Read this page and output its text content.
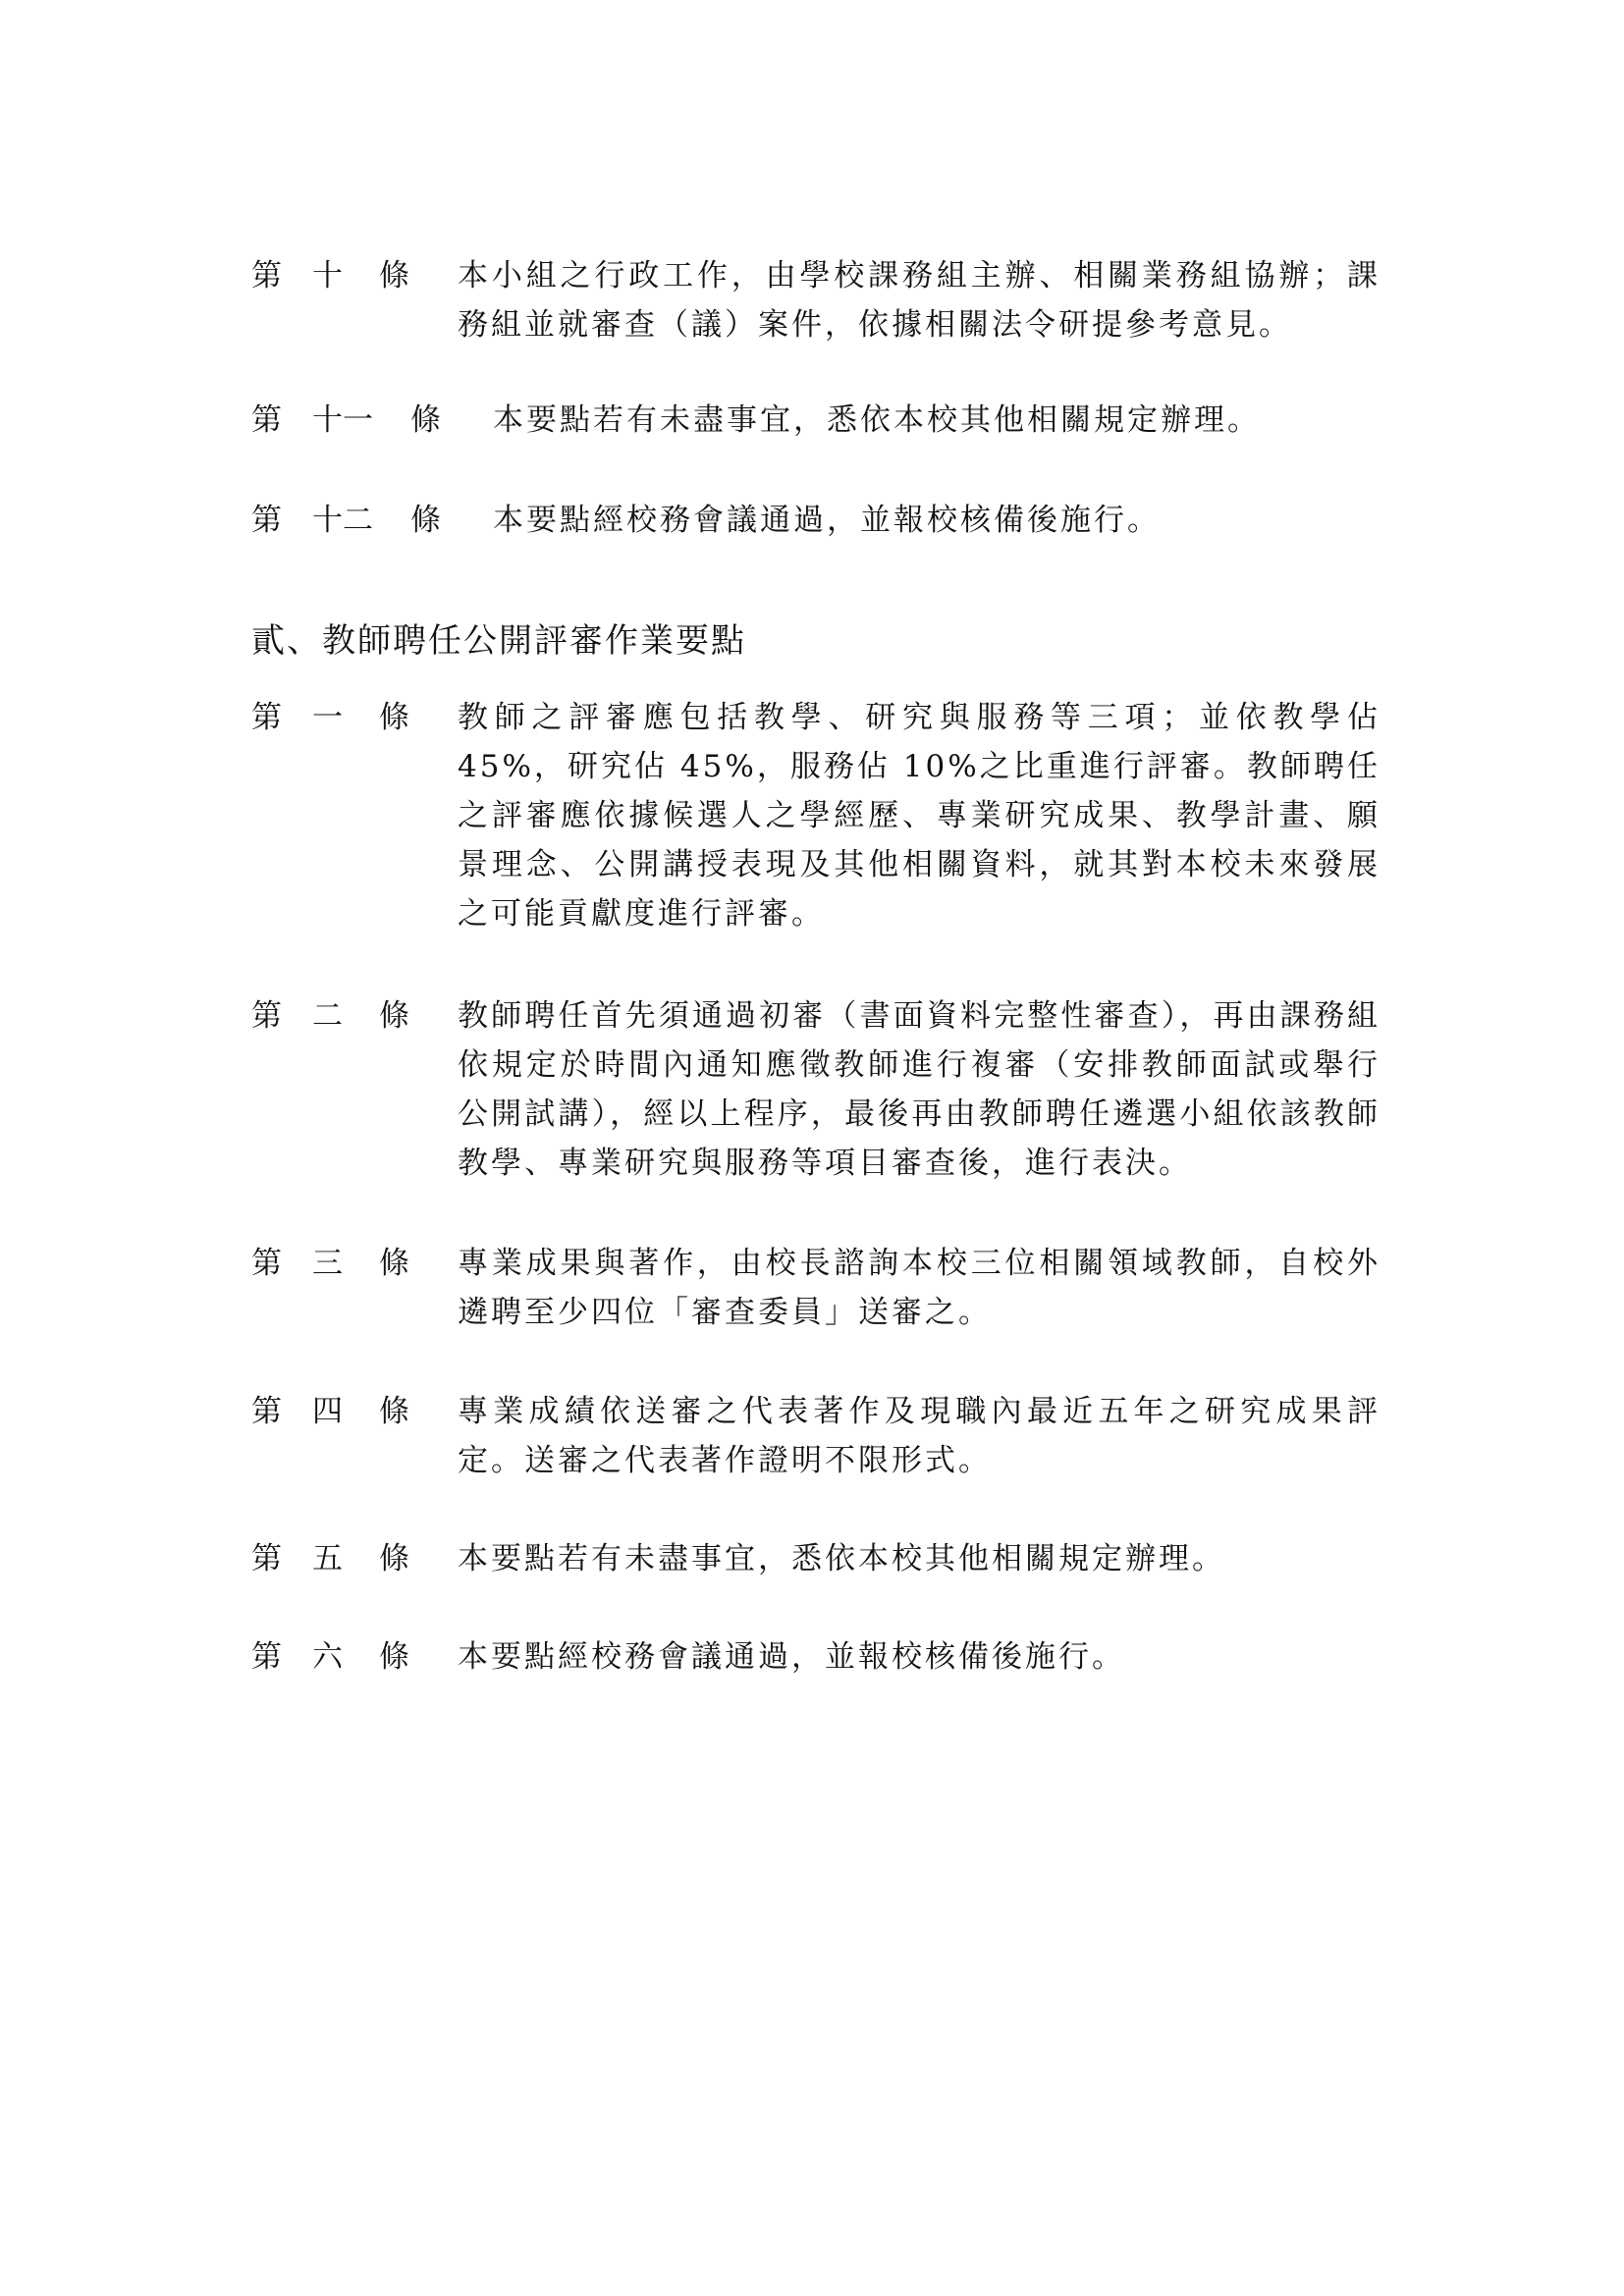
第 十 條 本小組之行政工作，由學校課務組主辦、相關業務組協辦；課務組並就審查（議）案件，依據相關法令研提參考意見。
第 十一 條 本要點若有未盡事宜，悉依本校其他相關規定辦理。
第 十二 條 本要點經校務會議通過，並報校核備後施行。
貳、教師聘任公開評審作業要點
第 一 條 教師之評審應包括教學、研究與服務等三項；並依教學佔 45%，研究佔 45%，服務佔 10%之比重進行評審。教師聘任之評審應依據候選人之學經歷、專業研究成果、教學計畫、願景理念、公開講授表現及其他相關資料，就其對本校未來發展之可能貢獻度進行評審。
第 二 條 教師聘任首先須通過初審（書面資料完整性審查），再由課務組依規定於時間內通知應徵教師進行複審（安排教師面試或舉行公開試講），經以上程序，最後再由教師聘任遴選小組依該教師教學、專業研究與服務等項目審查後，進行表決。
第 三 條 專業成果與著作，由校長諮詢本校三位相關領域教師，自校外遴聘至少四位「審查委員」送審之。
第 四 條 專業成績依送審之代表著作及現職內最近五年之研究成果評定。送審之代表著作證明不限形式。
第 五 條 本要點若有未盡事宜，悉依本校其他相關規定辦理。
第 六 條 本要點經校務會議通過，並報校核備後施行。
